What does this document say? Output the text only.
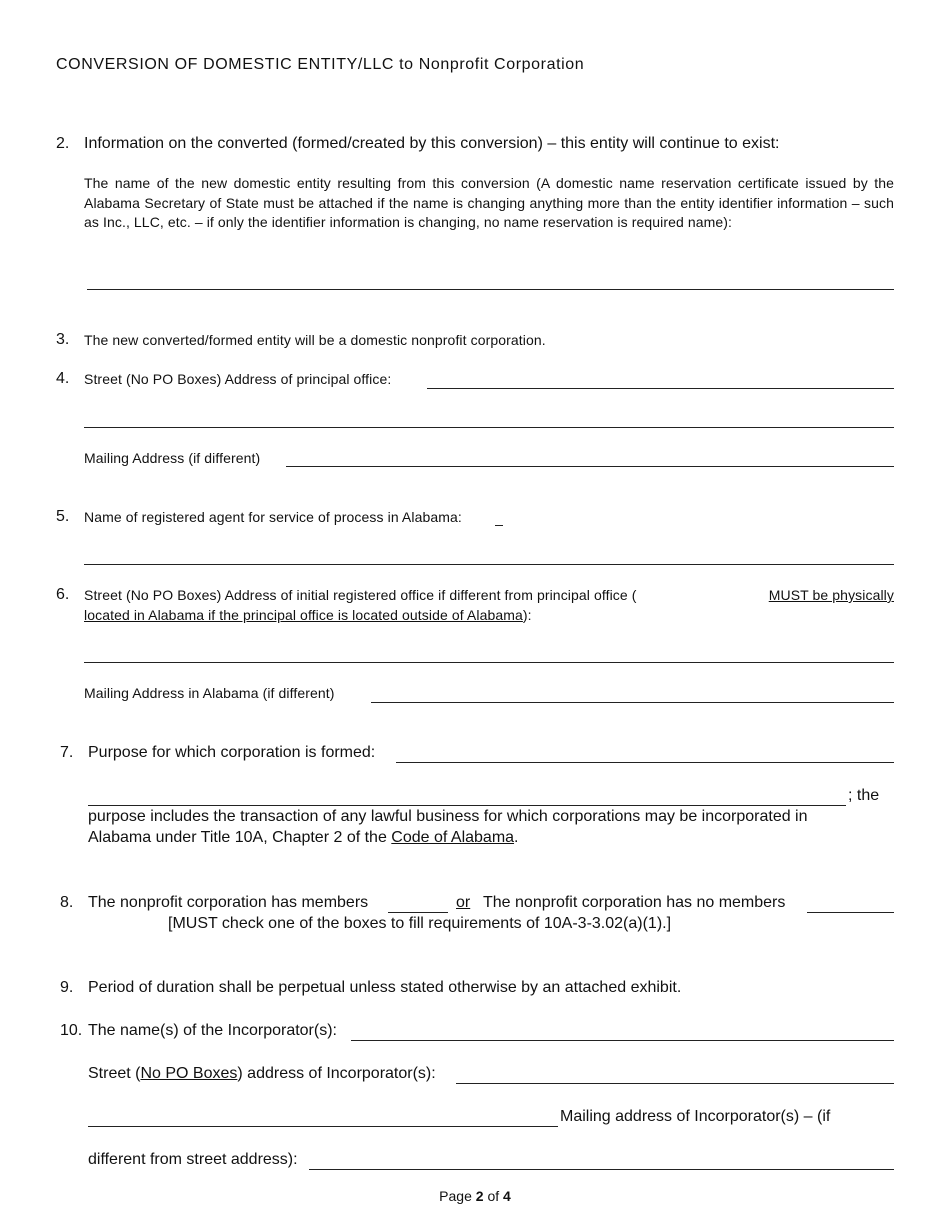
CONVERSION OF DOMESTIC ENTITY/LLC to Nonprofit Corporation
2. Information on the converted (formed/created by this conversion) – this entity will continue to exist:
The name of the new domestic entity resulting from this conversion (A domestic name reservation certificate issued by the Alabama Secretary of State must be attached if the name is changing anything more than the entity identifier information – such as Inc., LLC, etc. – if only the identifier information is changing, no name reservation is required name):
3. The new converted/formed entity will be a domestic nonprofit corporation.
4. Street (No PO Boxes) Address of principal office:
Mailing Address (if different)
5. Name of registered agent for service of process in Alabama:
6. Street (No PO Boxes) Address of initial registered office if different from principal office (	MUST be physically
located in Alabama if the principal office is located outside of Alabama):
Mailing Address in Alabama (if different)
7. Purpose for which corporation is formed:
; the
purpose includes the transaction of any lawful business for which corporations may be incorporated in
Alabama under Title 10A, Chapter 2 of the Code of Alabama.
8. The nonprofit corporation has members	or The nonprofit corporation has no members
[MUST check one of the boxes to fill requirements of 10A-3-3.02(a)(1).]
9. Period of duration shall be perpetual unless stated otherwise by an attached exhibit.
10. The name(s) of the Incorporator(s):
Street (No PO Boxes) address of Incorporator(s):
Mailing address of Incorporator(s) – (if
different from street address):
Page 2 of 4
